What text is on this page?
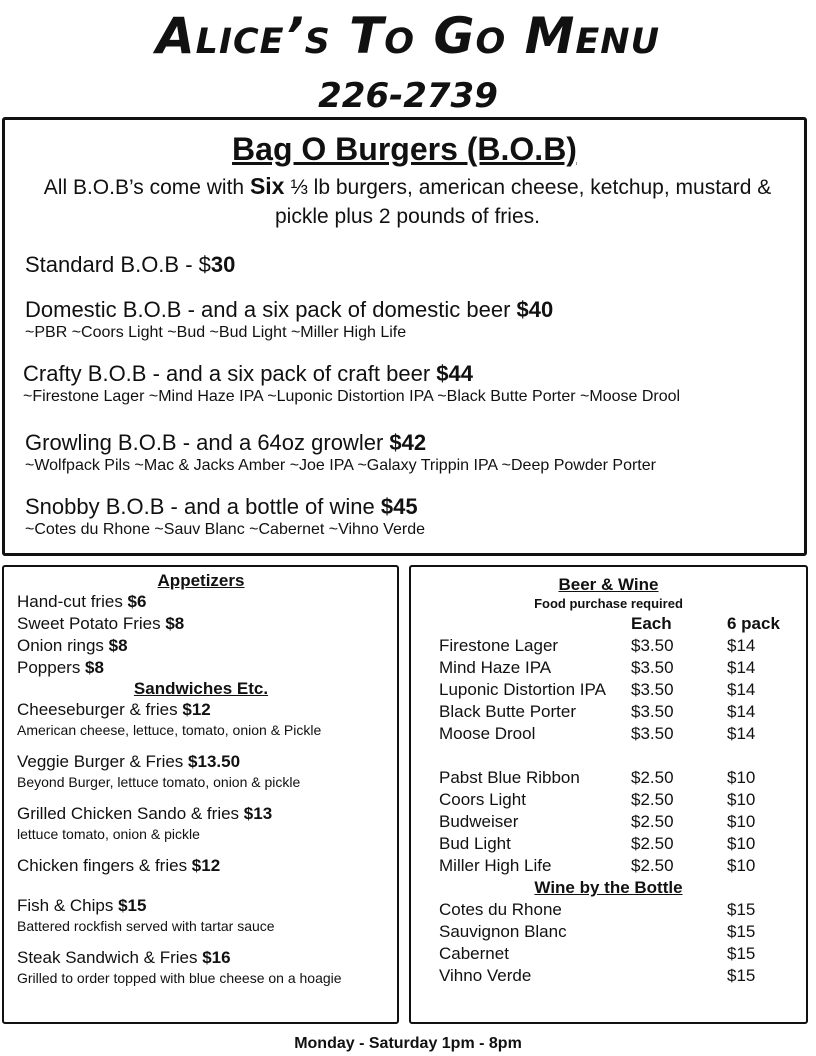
Alice’s To Go Menu
226-2739
Bag O Burgers (B.O.B)
All B.O.B’s come with Six ⅓ lb burgers, american cheese, ketchup, mustard & pickle plus 2 pounds of fries.
Standard B.O.B - $30
Domestic B.O.B - and a six pack of domestic beer $40
~PBR ~Coors Light ~Bud ~Bud Light ~Miller High Life
Crafty B.O.B - and a six pack of craft beer $44
~Firestone Lager ~Mind Haze IPA ~Luponic Distortion IPA ~Black Butte Porter ~Moose Drool
Growling B.O.B - and a 64oz growler $42
~Wolfpack Pils ~Mac & Jacks Amber ~Joe IPA ~Galaxy Trippin IPA ~Deep Powder Porter
Snobby B.O.B - and a bottle of wine $45
~Cotes du Rhone ~Sauv Blanc ~Cabernet ~Vihno Verde
Appetizers
Hand-cut fries $6
Sweet Potato Fries $8
Onion rings $8
Poppers $8
Sandwiches Etc.
Cheeseburger & fries $12
American cheese, lettuce, tomato, onion & Pickle
Veggie Burger & Fries $13.50
Beyond Burger, lettuce tomato, onion & pickle
Grilled Chicken Sando & fries $13
lettuce tomato, onion & pickle
Chicken fingers & fries $12
Fish & Chips $15
Battered rockfish served with tartar sauce
Steak Sandwich & Fries $16
Grilled to order topped with blue cheese on a hoagie
Beer & Wine
Food purchase required
Each	6 pack
Firestone Lager	$3.50	$14
Mind Haze IPA	$3.50	$14
Luponic Distortion IPA $3.50	$14
Black Butte Porter	$3.50	$14
Moose Drool	$3.50	$14
Pabst Blue Ribbon	$2.50	$10
Coors Light	$2.50	$10
Budweiser	$2.50	$10
Bud Light	$2.50	$10
Miller High Life	$2.50	$10
Wine by the Bottle
Cotes du Rhone	$15
Sauvignon Blanc	$15
Cabernet	$15
Vihno Verde	$15
Monday - Saturday 1pm - 8pm
